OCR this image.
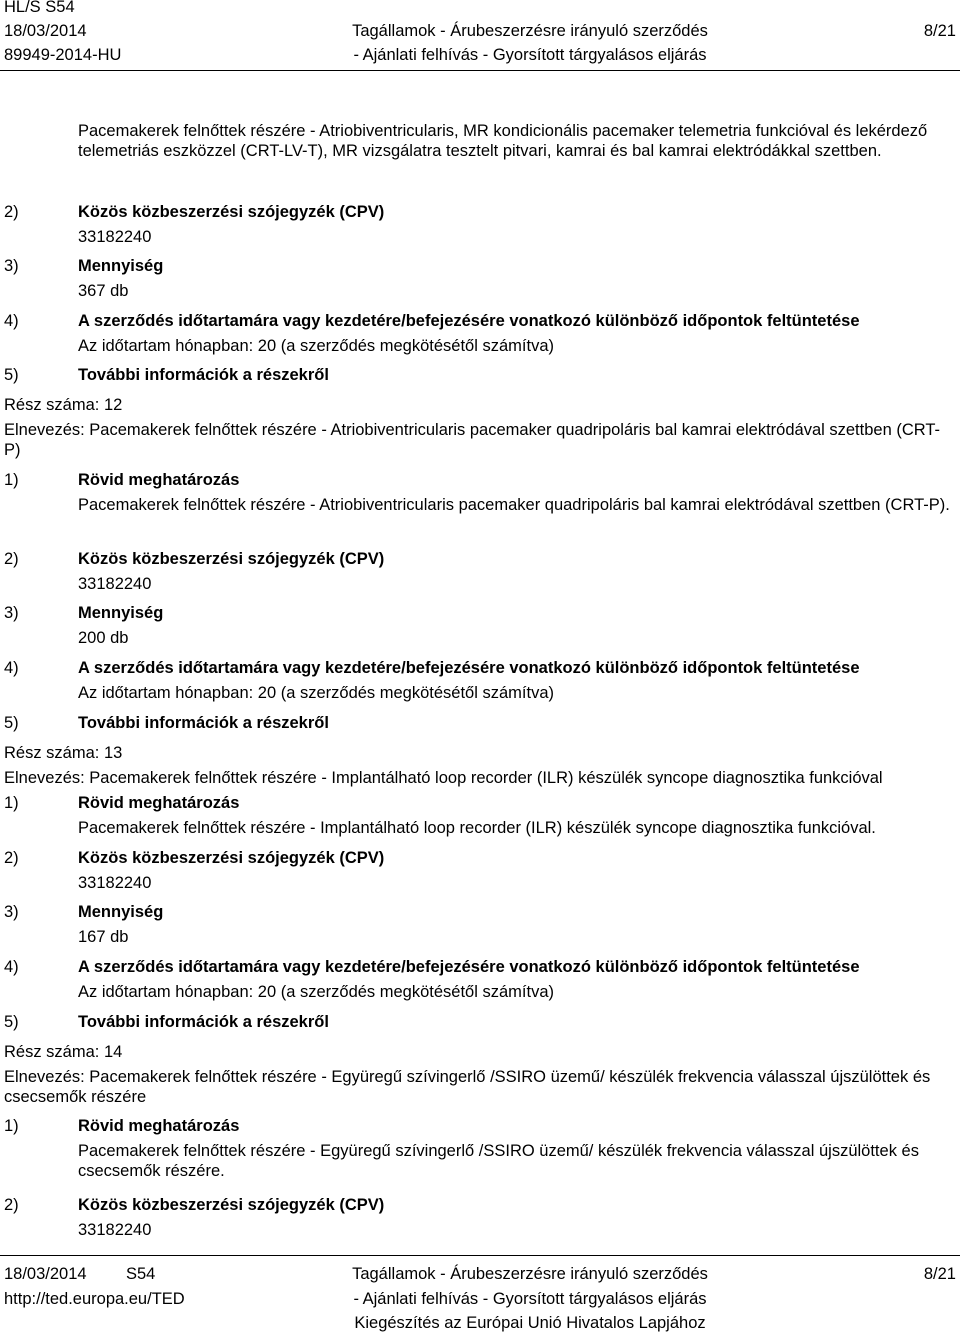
HL/S S54
18/03/2014
89949-2014-HU
Tagállamok - Árubeszerzésre irányuló szerződés
- Ajánlati felhívás - Gyorsított tárgyalásos eljárás
8/21
Pacemakerek felnőttek részére - Atriobiventricularis, MR kondicionális pacemaker telemetria funkcióval és lekérdező telemetriás eszközzel (CRT-LV-T), MR vizsgálatra tesztelt pitvari, kamrai és bal kamrai elektródákkal szettben.
2)	Közös közbeszerzési szójegyzék (CPV)
33182240
3)	Mennyiség
367 db
4)	A szerződés időtartamára vagy kezdetére/befejezésére vonatkozó különböző időpontok feltüntetése
Az időtartam hónapban: 20 (a szerződés megkötésétől számítva)
5)	További információk a részekről
Rész száma: 12
Elnevezés: Pacemakerek felnőttek részére - Atriobiventricularis pacemaker quadripoláris bal kamrai elektródával szettben (CRT-P)
1)	Rövid meghatározás
Pacemakerek felnőttek részére - Atriobiventricularis pacemaker quadripoláris bal kamrai elektródával szettben (CRT-P).
2)	Közös közbeszerzési szójegyzék (CPV)
33182240
3)	Mennyiség
200 db
4)	A szerződés időtartamára vagy kezdetére/befejezésére vonatkozó különböző időpontok feltüntetése
Az időtartam hónapban: 20 (a szerződés megkötésétől számítva)
5)	További információk a részekről
Rész száma: 13
Elnevezés: Pacemakerek felnőttek részére - Implantálható loop recorder (ILR) készülék syncope diagnosztika funkcióval
1)	Rövid meghatározás
Pacemakerek felnőttek részére - Implantálható loop recorder (ILR) készülék syncope diagnosztika funkcióval.
2)	Közös közbeszerzési szójegyzék (CPV)
33182240
3)	Mennyiség
167 db
4)	A szerződés időtartamára vagy kezdetére/befejezésére vonatkozó különböző időpontok feltüntetése
Az időtartam hónapban: 20 (a szerződés megkötésétől számítva)
5)	További információk a részekről
Rész száma: 14
Elnevezés: Pacemakerek felnőttek részére - Együregű szívingerlő /SSIRO üzemű/ készülék frekvencia válasszal újszülöttek és csecsemők részére
1)	Rövid meghatározás
Pacemakerek felnőttek részére - Együregű szívingerlő /SSIRO üzemű/ készülék frekvencia válasszal újszülöttek és csecsemők részére.
2)	Közös közbeszerzési szójegyzék (CPV)
33182240
18/03/2014 S54
http://ted.europa.eu/TED
Tagállamok - Árubeszerzésre irányuló szerződés
- Ajánlati felhívás - Gyorsított tárgyalásos eljárás
Kiegészítés az Európai Unió Hivatalos Lapjához
8/21
